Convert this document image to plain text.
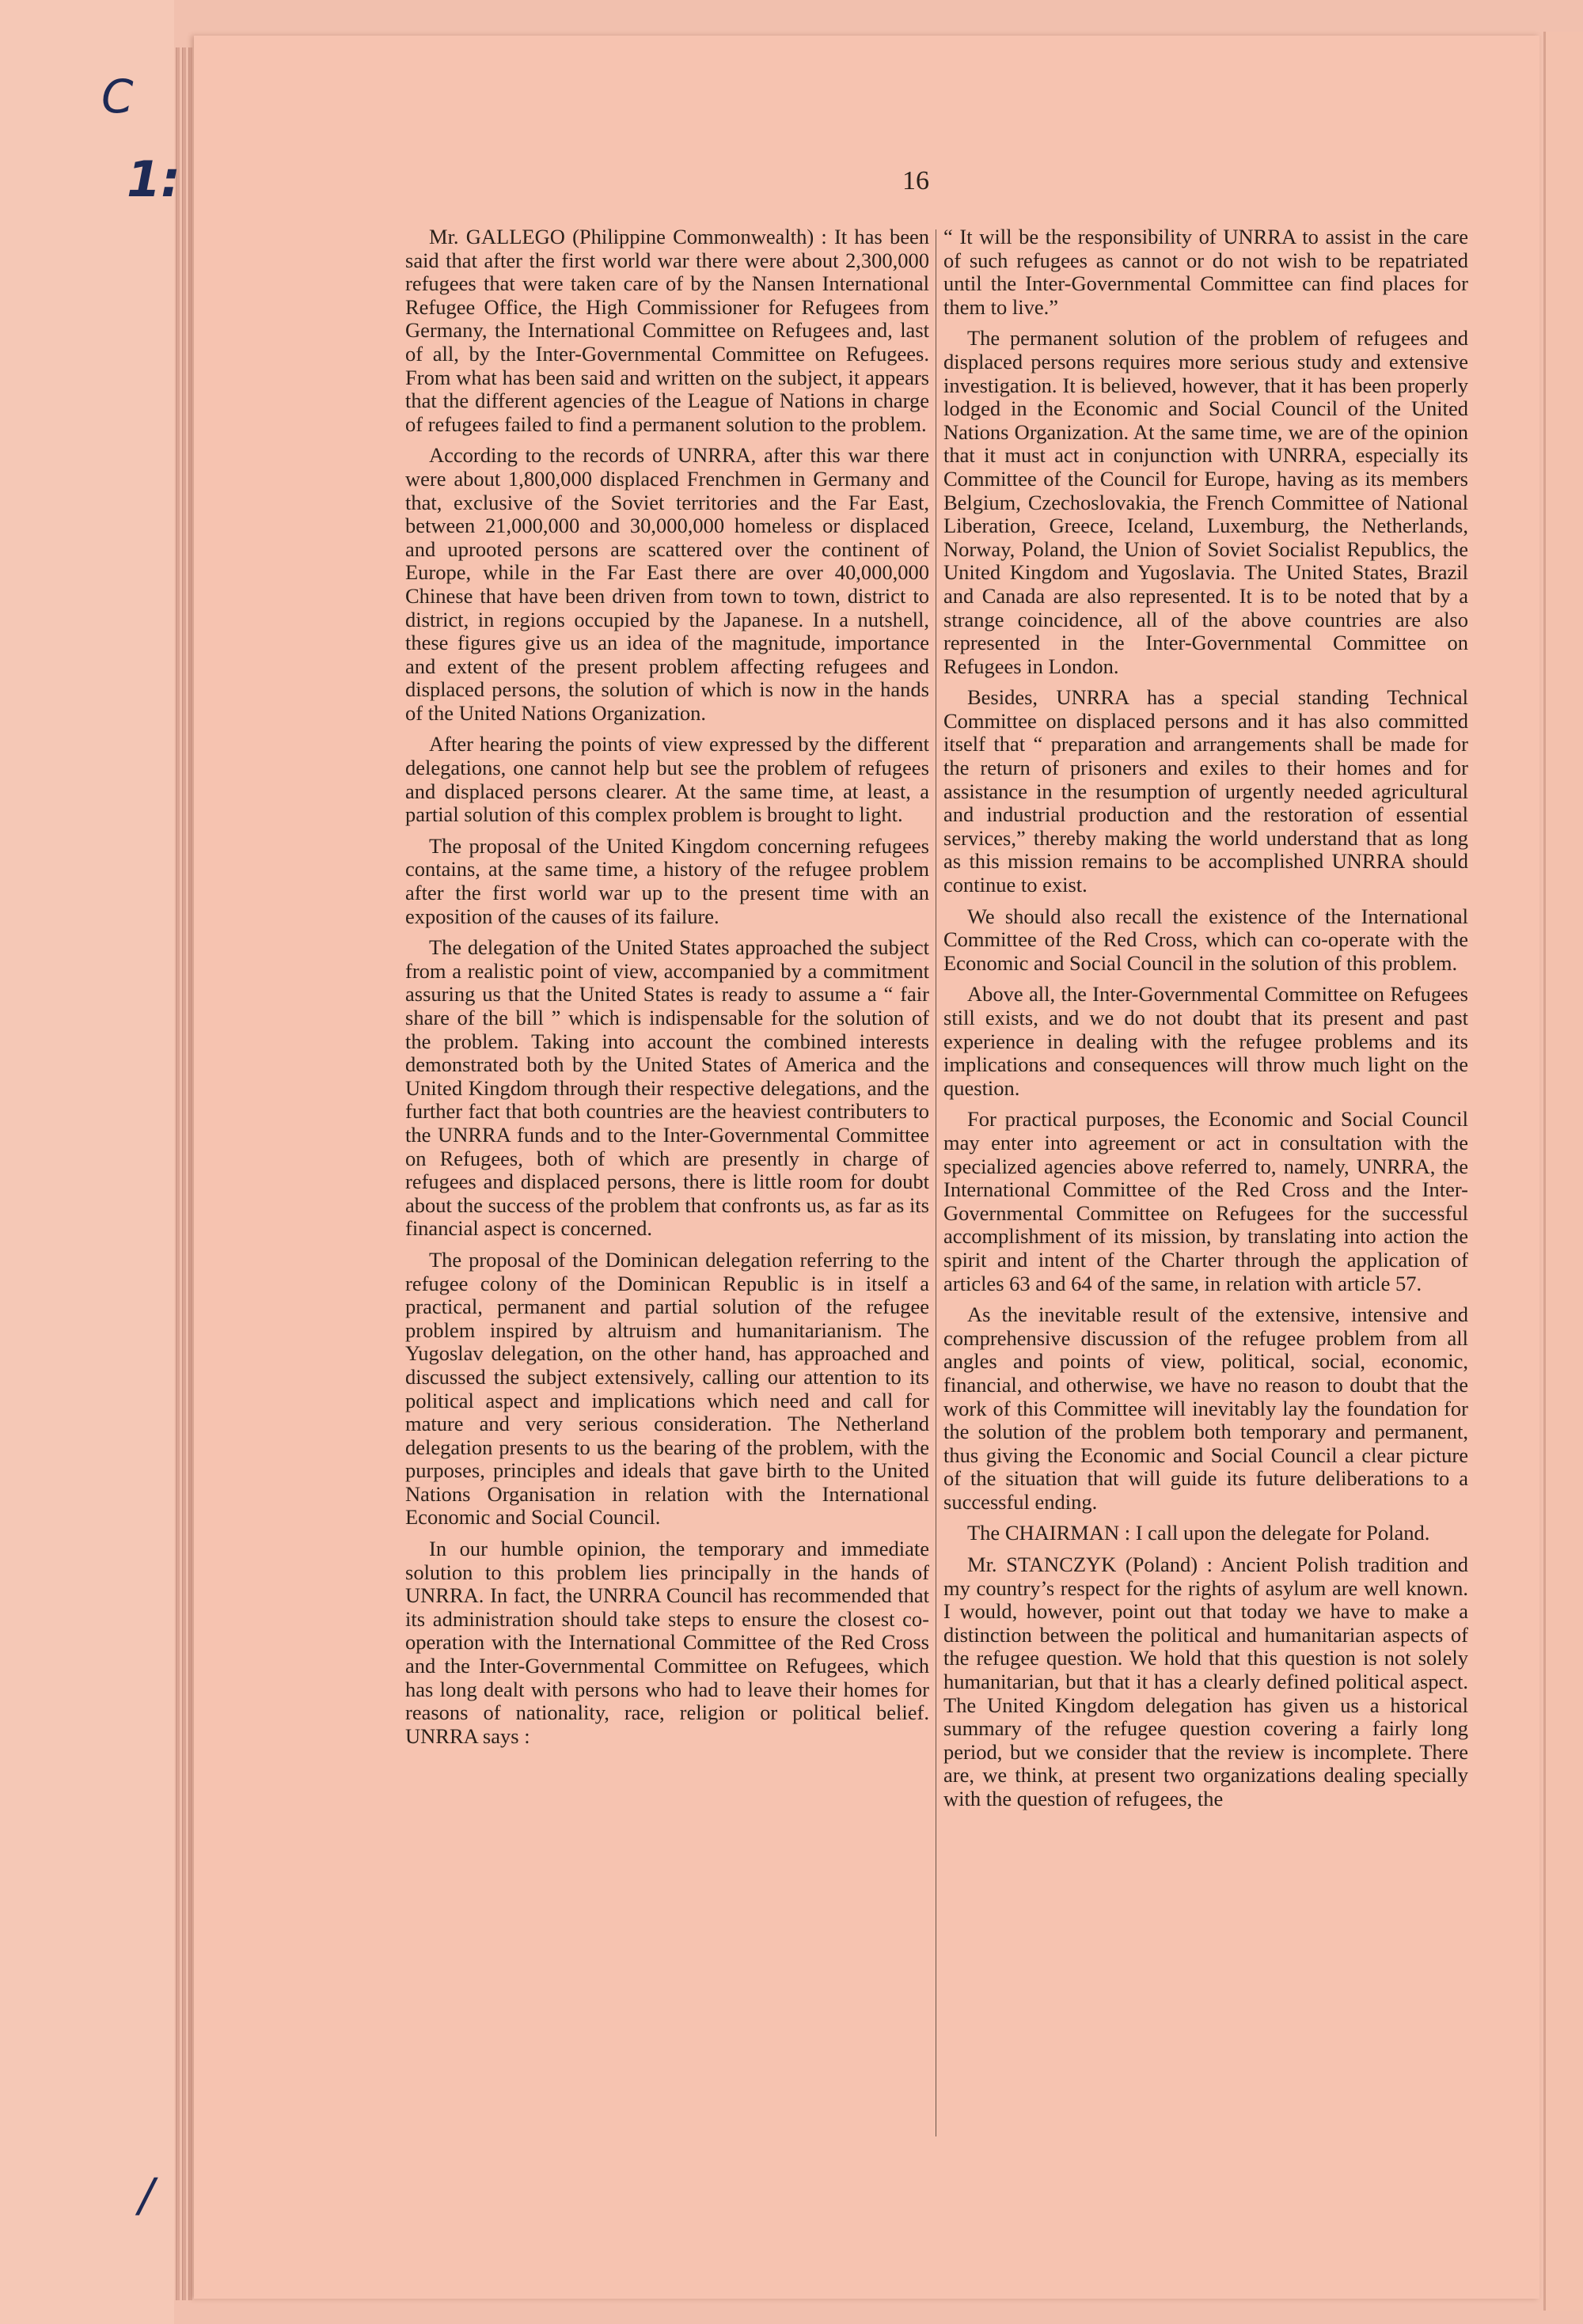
C
1:
/
16

Mr. GALLEGO (Philippine Commonwealth) : It has been said that after the first world war there were about 2,300,000 refugees that were taken care of by the Nansen International Refugee Office, the High Commissioner for Refugees from Germany, the International Committee on Refugees and, last of all, by the Inter-Governmental Committee on Refugees. From what has been said and written on the subject, it appears that the different agencies of the League of Nations in charge of refugees failed to find a permanent solution to the problem.

According to the records of UNRRA, after this war there were about 1,800,000 displaced Frenchmen in Germany and that, exclusive of the Soviet territories and the Far East, between 21,000,000 and 30,000,000 homeless or displaced and uprooted persons are scattered over the continent of Europe, while in the Far East there are over 40,000,000 Chinese that have been driven from town to town, district to district, in regions occupied by the Japanese. In a nutshell, these figures give us an idea of the magnitude, importance and extent of the present problem affecting refugees and displaced persons, the solution of which is now in the hands of the United Nations Organization.

After hearing the points of view expressed by the different delegations, one cannot help but see the problem of refugees and displaced persons clearer. At the same time, at least, a partial solution of this complex problem is brought to light.

The proposal of the United Kingdom concerning refugees contains, at the same time, a history of the refugee problem after the first world war up to the present time with an exposition of the causes of its failure.

The delegation of the United States approached the subject from a realistic point of view, accompanied by a commitment assuring us that the United States is ready to assume a “ fair share of the bill ” which is indispensable for the solution of the problem. Taking into account the combined interests demonstrated both by the United States of America and the United Kingdom through their respective delegations, and the further fact that both countries are the heaviest contributers to the UNRRA funds and to the Inter-Governmental Committee on Refugees, both of which are presently in charge of refugees and displaced persons, there is little room for doubt about the success of the problem that confronts us, as far as its financial aspect is concerned.

The proposal of the Dominican delegation referring to the refugee colony of the Dominican Republic is in itself a practical, permanent and partial solution of the refugee problem inspired by altruism and humanitarianism. The Yugoslav delegation, on the other hand, has approached and discussed the subject extensively, calling our attention to its political aspect and implications which need and call for mature and very serious consideration. The Netherland delegation presents to us the bearing of the problem, with the purposes, principles and ideals that gave birth to the United Nations Organisation in relation with the International Economic and Social Council.

In our humble opinion, the temporary and immediate solution to this problem lies principally in the hands of UNRRA. In fact, the UNRRA Council has recommended that its administration should take steps to ensure the closest co-operation with the International Committee of the Red Cross and the Inter-Governmental Committee on Refugees, which has long dealt with persons who had to leave their homes for reasons of nationality, race, religion or political belief. UNRRA says :

“ It will be the responsibility of UNRRA to assist in the care of such refugees as cannot or do not wish to be repatriated until the Inter-Governmental Committee can find places for them to live.”

The permanent solution of the problem of refugees and displaced persons requires more serious study and extensive investigation. It is believed, however, that it has been properly lodged in the Economic and Social Council of the United Nations Organization. At the same time, we are of the opinion that it must act in conjunction with UNRRA, especially its Committee of the Council for Europe, having as its members Belgium, Czechoslovakia, the French Committee of National Liberation, Greece, Iceland, Luxemburg, the Netherlands, Norway, Poland, the Union of Soviet Socialist Republics, the United Kingdom and Yugoslavia. The United States, Brazil and Canada are also represented. It is to be noted that by a strange coincidence, all of the above countries are also represented in the Inter-Governmental Committee on Refugees in London.

Besides, UNRRA has a special standing Technical Committee on displaced persons and it has also committed itself that “ preparation and arrangements shall be made for the return of prisoners and exiles to their homes and for assistance in the resumption of urgently needed agricultural and industrial production and the restoration of essential services,” thereby making the world understand that as long as this mission remains to be accomplished UNRRA should continue to exist.

We should also recall the existence of the International Committee of the Red Cross, which can co-operate with the Economic and Social Council in the solution of this problem.

Above all, the Inter-Governmental Committee on Refugees still exists, and we do not doubt that its present and past experience in dealing with the refugee problems and its implications and consequences will throw much light on the question.

For practical purposes, the Economic and Social Council may enter into agreement or act in consultation with the specialized agencies above referred to, namely, UNRRA, the International Committee of the Red Cross and the Inter-Governmental Committee on Refugees for the successful accomplishment of its mission, by translating into action the spirit and intent of the Charter through the application of articles 63 and 64 of the same, in relation with article 57.

As the inevitable result of the extensive, intensive and comprehensive discussion of the refugee problem from all angles and points of view, political, social, economic, financial, and otherwise, we have no reason to doubt that the work of this Committee will inevitably lay the foundation for the solution of the problem both temporary and permanent, thus giving the Economic and Social Council a clear picture of the situation that will guide its future deliberations to a successful ending.

The CHAIRMAN : I call upon the delegate for Poland.

Mr. STANCZYK (Poland) : Ancient Polish tradition and my country’s respect for the rights of asylum are well known. I would, however, point out that today we have to make a distinction between the political and humanitarian aspects of the refugee question. We hold that this question is not solely humanitarian, but that it has a clearly defined political aspect. The United Kingdom delegation has given us a historical summary of the refugee question covering a fairly long period, but we consider that the review is incomplete. There are, we think, at present two organizations dealing specially with the question of refugees, the
